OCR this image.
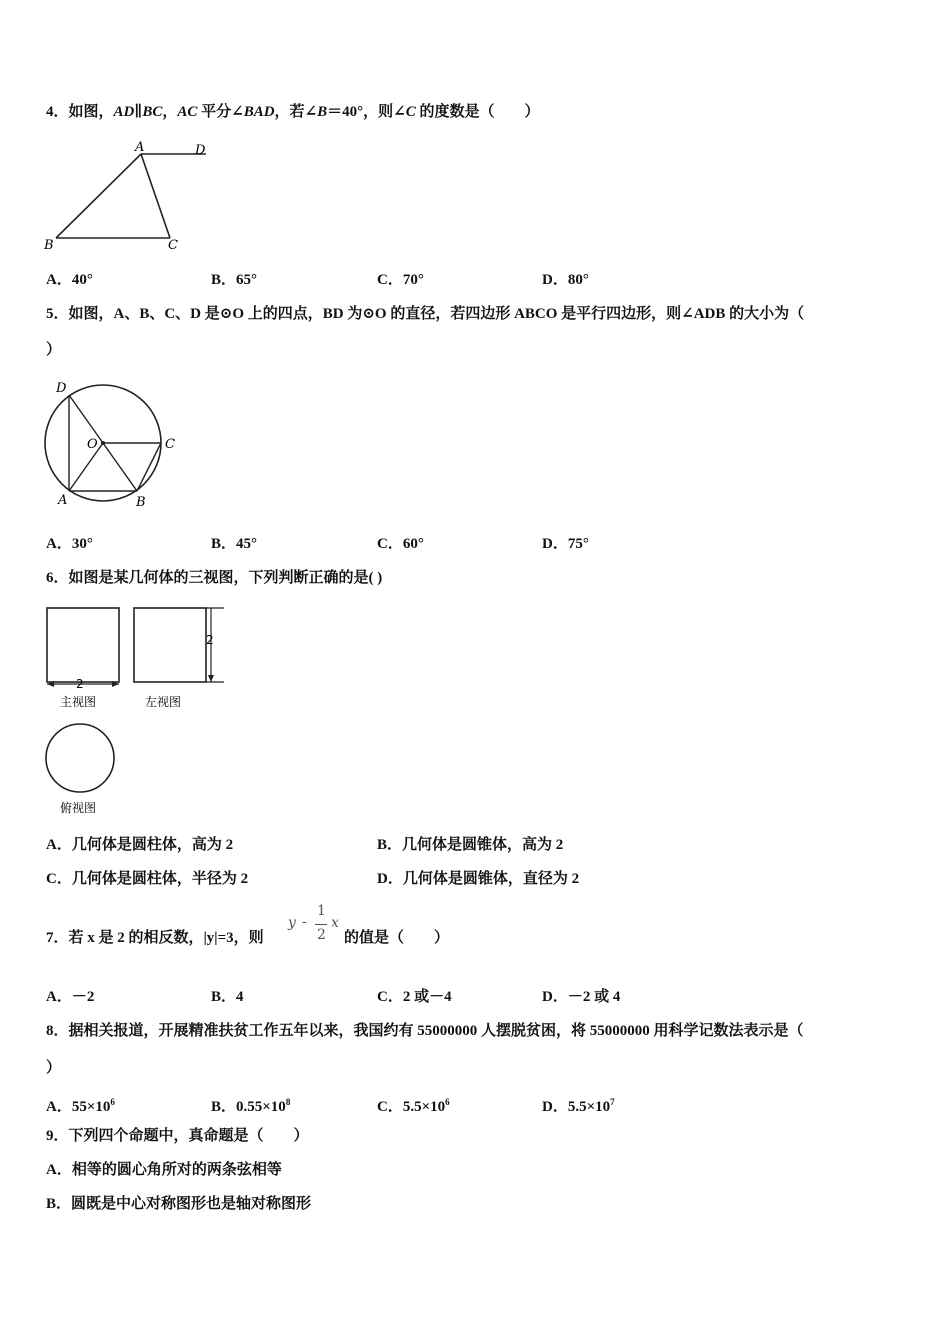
4．如图，AD∥BC，AC 平分∠BAD，若∠B＝40°，则∠C 的度数是（　　）
A	D
B	C
A．40°	B．65°	C．70°	D．80°
5．如图，A、B、C、D 是⊙O 上的四点，BD 为⊙O 的直径，若四边形 ABCO 是平行四边形，则∠ADB 的大小为（
）
D
O	C
A	B
A．30°	B．45°	C．60°	D．75°
6．如图是某几何体的三视图，下列判断正确的是( )
2
主视图
2
左视图
俯视图
A．几何体是圆柱体，高为 2	B．几何体是圆锥体，高为 2
C．几何体是圆柱体，半径为 2	D．几何体是圆锥体，直径为 2
7．若 x 是 2 的相反数，|y|=3，则
y -
1
2
x
的值是（　　）
A．－2	B．4	C．2 或－4	D．－2 或 4
8．据相关报道，开展精准扶贫工作五年以来，我国约有 55000000 人摆脱贫困，将 55000000 用科学记数法表示是（
）
A．$55\times 10^6$	B．$0.55\times 10^8$	C．$5.5\times 10^6$	D．$5.5\times 10^7$
9．下列四个命题中，真命题是（　　）
A．相等的圆心角所对的两条弦相等
B．圆既是中心对称图形也是轴对称图形
